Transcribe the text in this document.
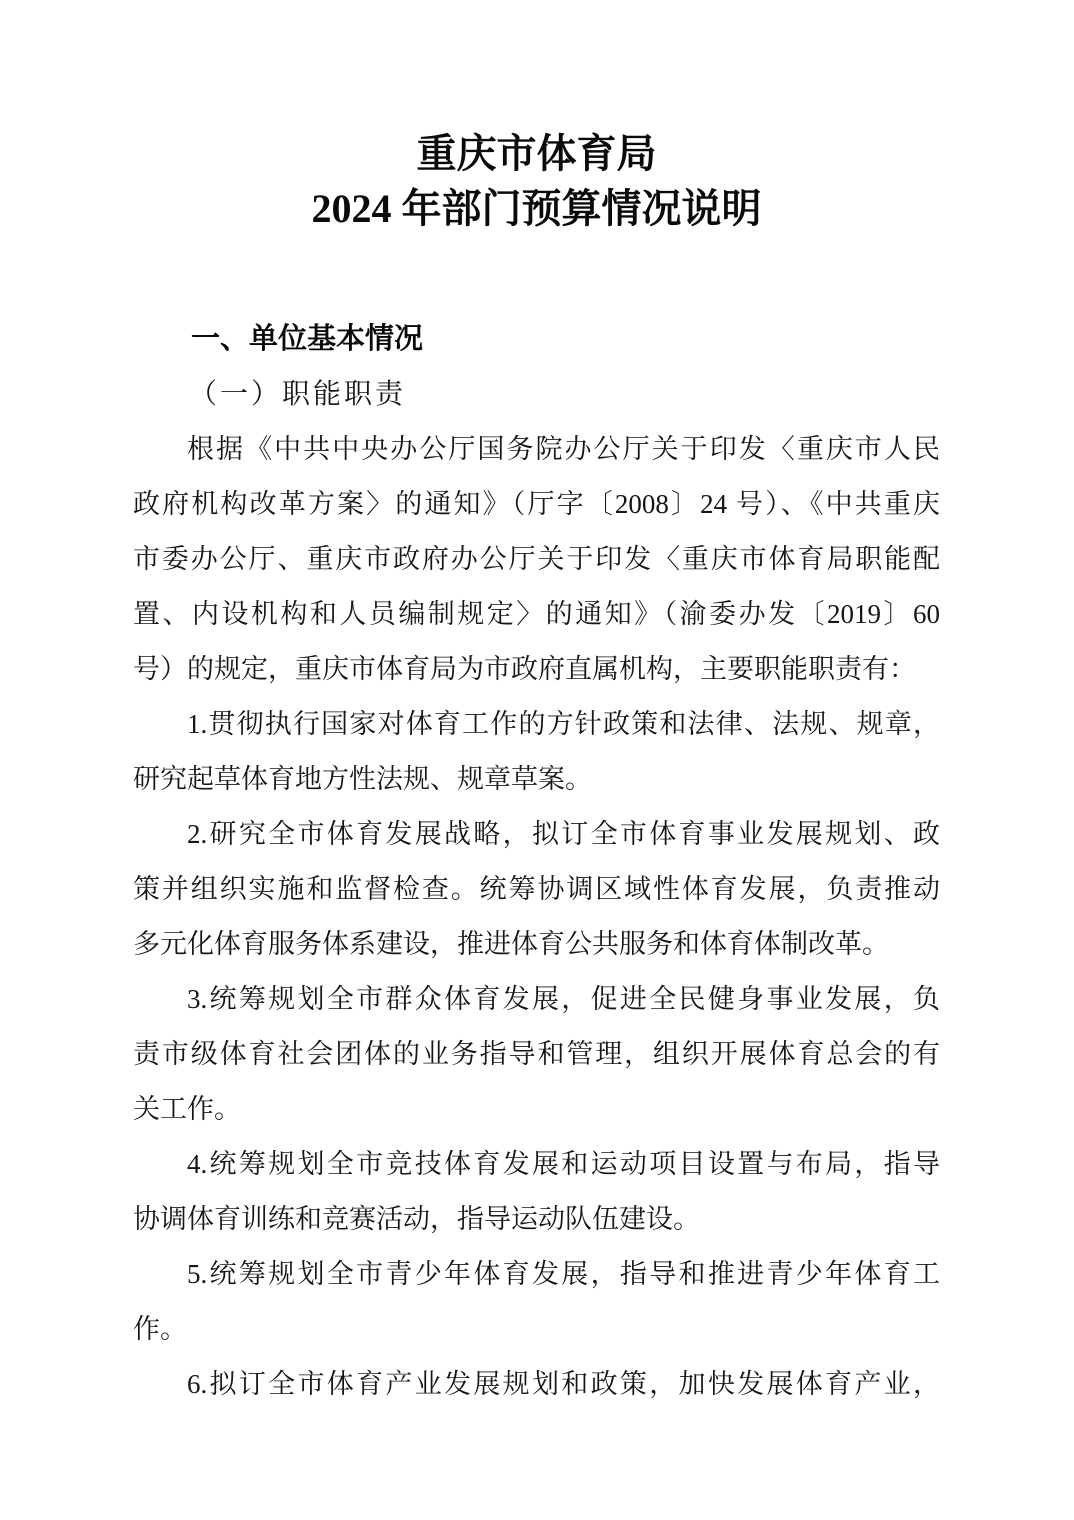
重庆市体育局
2024 年部门预算情况说明
一、单位基本情况
（一）职能职责
根据《中共中央办公厅国务院办公厅关于印发〈重庆市人民
政府机构改革方案〉的通知》（厅字〔2008〕24 号）、《中共重庆
市委办公厅、重庆市政府办公厅关于印发〈重庆市体育局职能配
置、内设机构和人员编制规定〉的通知》（渝委办发〔2019〕60
号）的规定，重庆市体育局为市政府直属机构，主要职能职责有：
1.贯彻执行国家对体育工作的方针政策和法律、法规、规章，
研究起草体育地方性法规、规章草案。
2.研究全市体育发展战略，拟订全市体育事业发展规划、政
策并组织实施和监督检查。统筹协调区域性体育发展，负责推动
多元化体育服务体系建设，推进体育公共服务和体育体制改革。
3.统筹规划全市群众体育发展，促进全民健身事业发展，负
责市级体育社会团体的业务指导和管理，组织开展体育总会的有
关工作。
4.统筹规划全市竞技体育发展和运动项目设置与布局，指导
协调体育训练和竞赛活动，指导运动队伍建设。
5.统筹规划全市青少年体育发展，指导和推进青少年体育工
作。
6.拟订全市体育产业发展规划和政策，加快发展体育产业，
